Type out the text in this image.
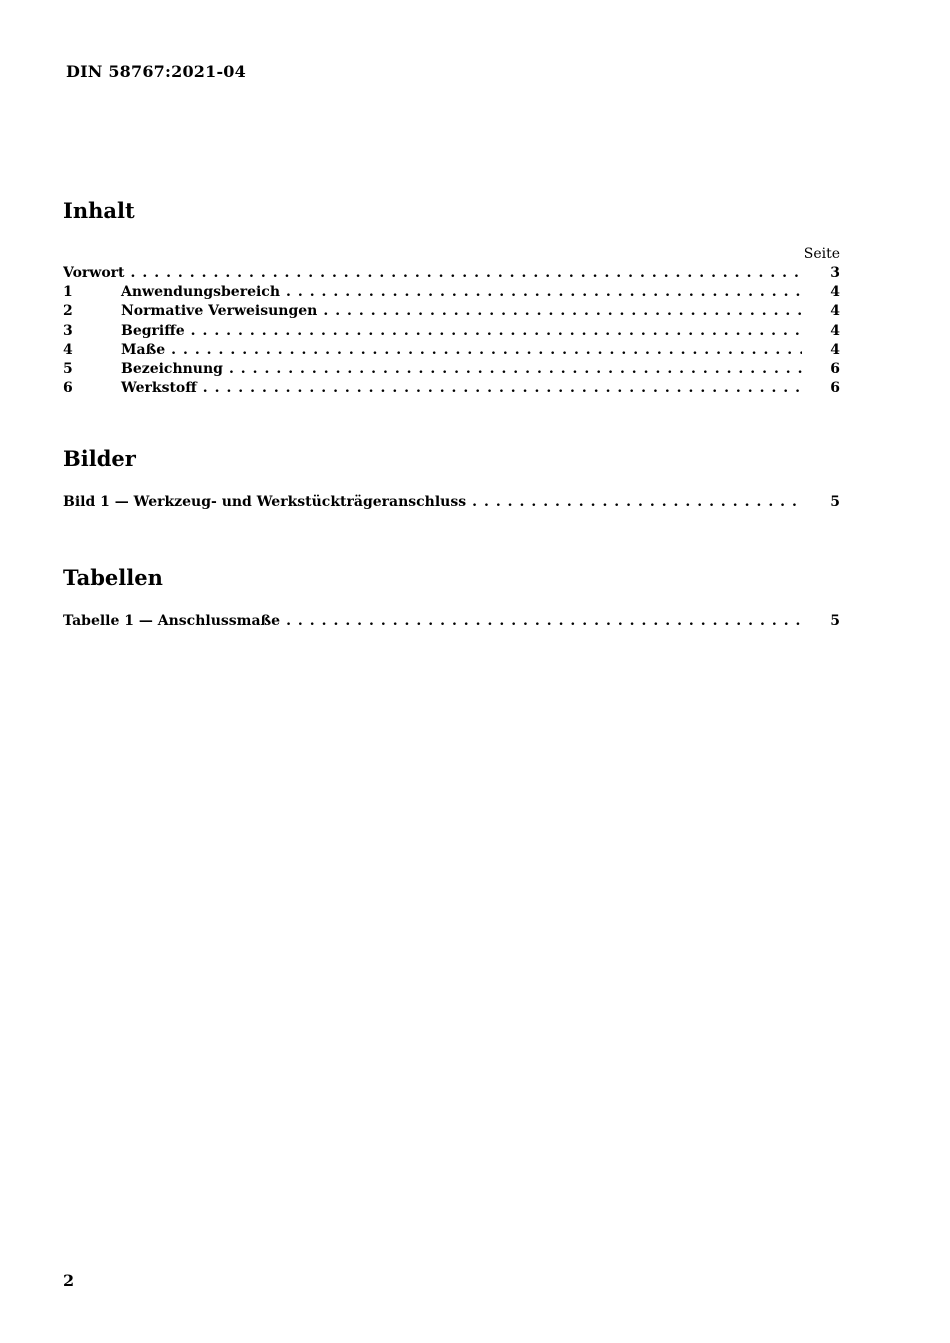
DIN 58767:2021-04
Inhalt
Seite
Vorwort . . .	3
1	Anwendungsbereich . . .	4
2	Normative Verweisungen . . .	4
3	Begriffe . . .	4
4	Maße . . .	4
5	Bezeichnung . . .	6
6	Werkstoff . . .	6
Bilder
Bild 1 — Werkzeug- und Werkstückträgeranschluss . . .	5
Tabellen
Tabelle 1 — Anschlussmaße . . .	5
2
